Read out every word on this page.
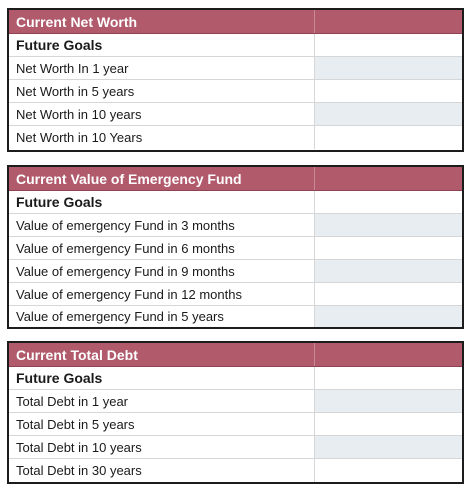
Current Net Worth
Future Goals
Net Worth In 1 year
Net Worth in 5 years
Net Worth in 10 years
Net Worth in 10 Years
Current Value of Emergency Fund
Future Goals
Value of emergency Fund in 3 months
Value of emergency Fund in 6 months
Value of emergency Fund in 9 months
Value of emergency Fund in 12 months
Value of emergency Fund in 5 years
Current Total Debt
Future Goals
Total Debt in 1 year
Total Debt in 5 years
Total Debt in 10 years
Total Debt in 30 years
